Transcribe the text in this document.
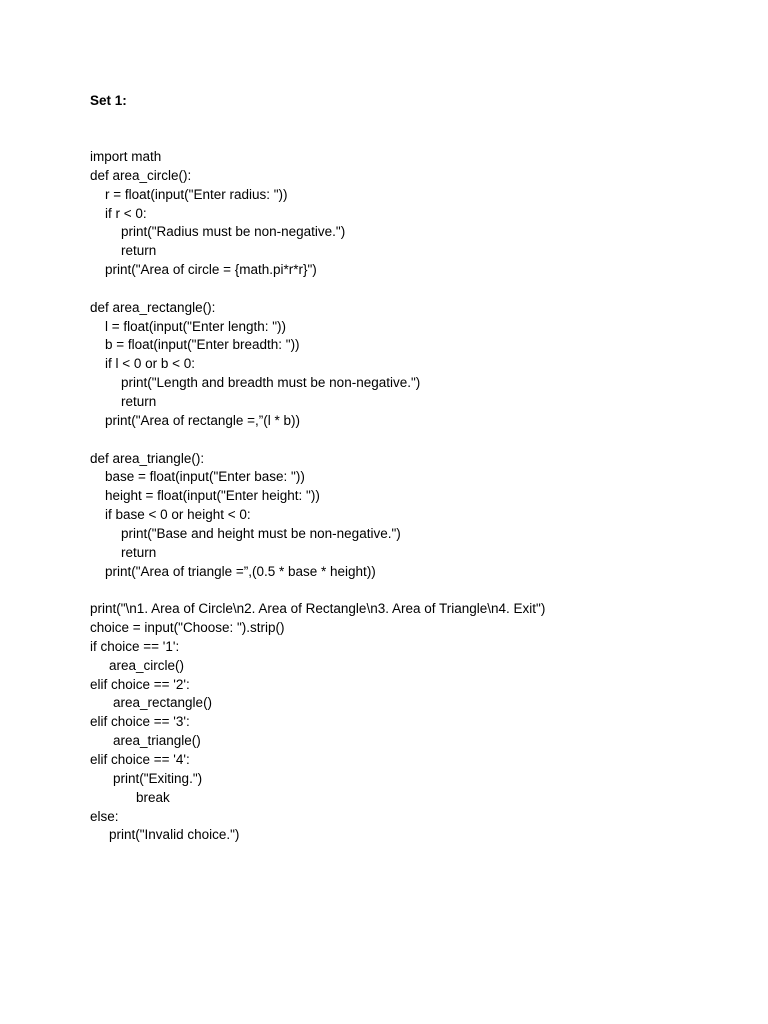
Set 1:
import math
def area_circle():
r = float(input("Enter radius: "))
if r < 0:
print("Radius must be non-negative.")
return
print("Area of circle = {math.pi*r*r}")
def area_rectangle():
l = float(input("Enter length: "))
b = float(input("Enter breadth: "))
if l < 0 or b < 0:
print("Length and breadth must be non-negative.")
return
print("Area of rectangle =,”(l * b))
def area_triangle():
base = float(input("Enter base: "))
height = float(input("Enter height: "))
if base < 0 or height < 0:
print("Base and height must be non-negative.")
return
print("Area of triangle =”,(0.5 * base * height))
print("\n1. Area of Circle\n2. Area of Rectangle\n3. Area of Triangle\n4. Exit")
choice = input("Choose: ").strip()
if choice == '1':
area_circle()
elif choice == '2':
area_rectangle()
elif choice == '3':
area_triangle()
elif choice == '4':
print("Exiting.")
break
else:
print("Invalid choice.")
